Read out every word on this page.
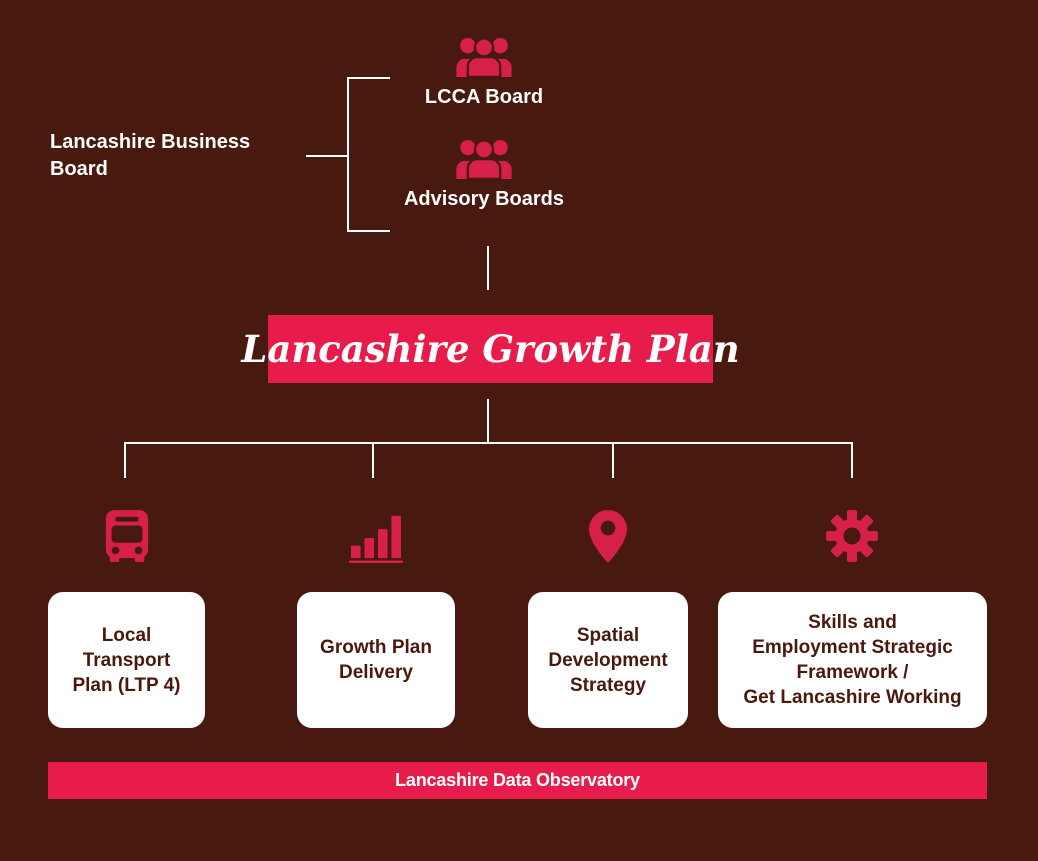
Lancashire Business
Board
LCCA Board
Advisory Boards
Lancashire Growth Plan
Local
Transport
Plan (LTP 4)
Growth Plan
Delivery
Spatial
Development
Strategy
Skills and
Employment Strategic
Framework /
Get Lancashire Working
Lancashire Data Observatory
